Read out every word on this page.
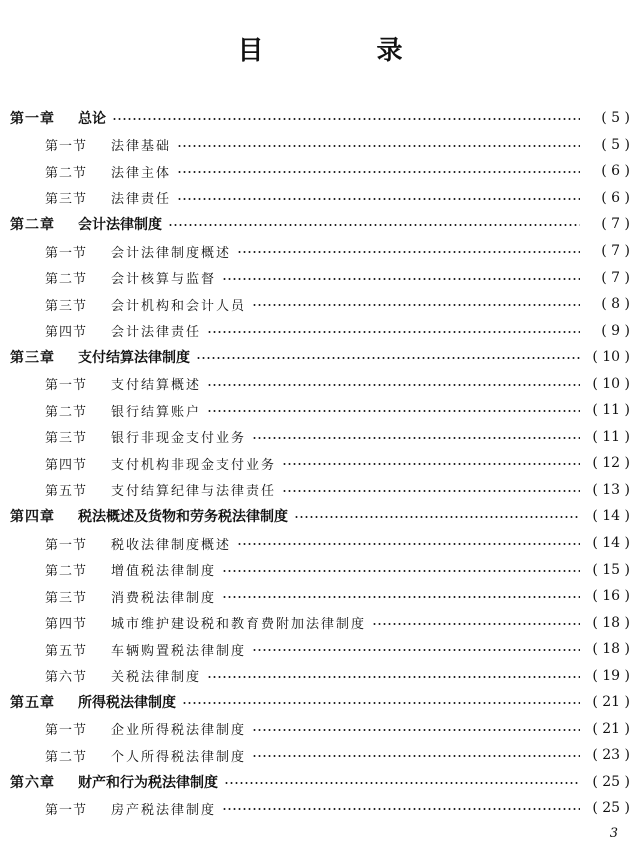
目 录
第一章	总论	( 5 )
第一节	法律基础	( 5 )
第二节	法律主体	( 6 )
第三节	法律责任	( 6 )
第二章	会计法律制度	( 7 )
第一节	会计法律制度概述	( 7 )
第二节	会计核算与监督	( 7 )
第三节	会计机构和会计人员	( 8 )
第四节	会计法律责任	( 9 )
第三章	支付结算法律制度	( 10 )
第一节	支付结算概述	( 10 )
第二节	银行结算账户	( 11 )
第三节	银行非现金支付业务	( 11 )
第四节	支付机构非现金支付业务	( 12 )
第五节	支付结算纪律与法律责任	( 13 )
第四章	税法概述及货物和劳务税法律制度	( 14 )
第一节	税收法律制度概述	( 14 )
第二节	增值税法律制度	( 15 )
第三节	消费税法律制度	( 16 )
第四节	城市维护建设税和教育费附加法律制度	( 18 )
第五节	车辆购置税法律制度	( 18 )
第六节	关税法律制度	( 19 )
第五章	所得税法律制度	( 21 )
第一节	企业所得税法律制度	( 21 )
第二节	个人所得税法律制度	( 23 )
第六章	财产和行为税法律制度	( 25 )
第一节	房产税法律制度	( 25 )
3
